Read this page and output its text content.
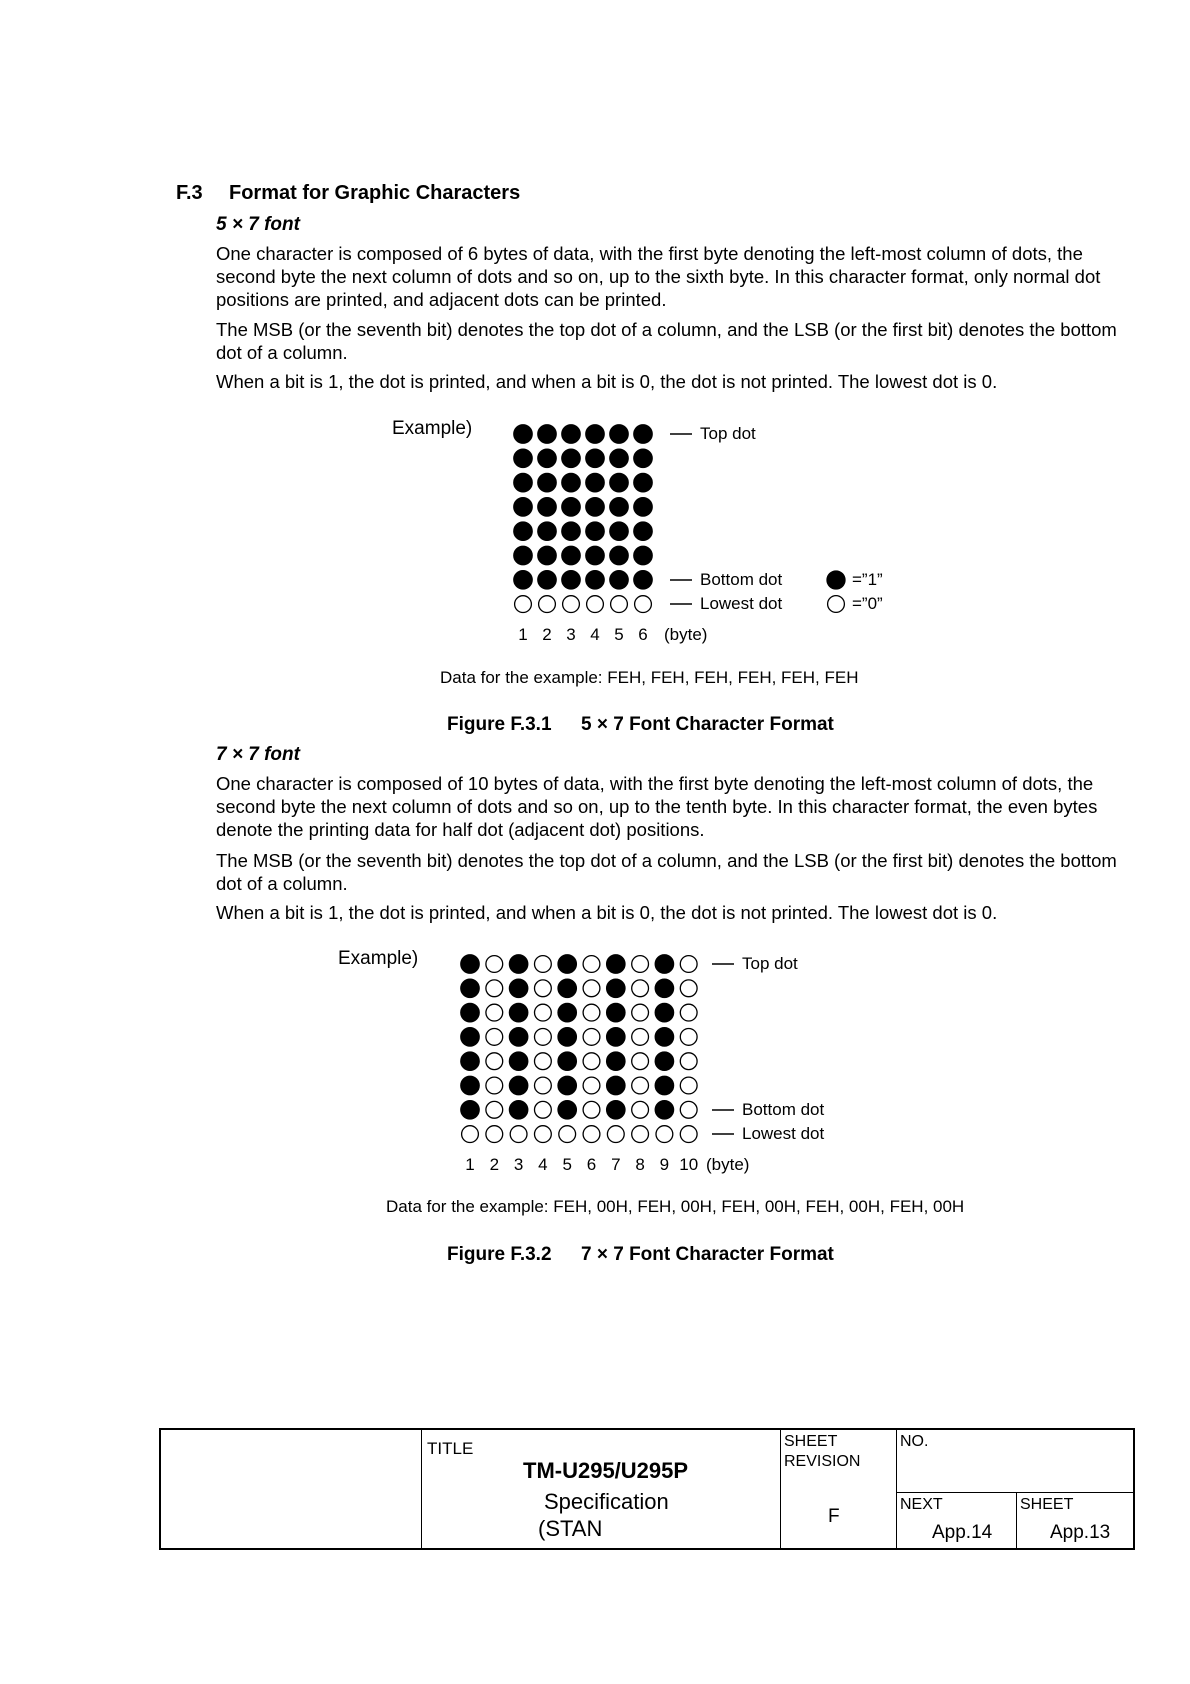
F.3 Format for Graphic Characters
5 × 7 font

One character is composed of 6 bytes of data, with the first byte denoting the left-most column of dots, the second byte the next column of dots and so on, up to the sixth byte. In this character format, only normal dot positions are printed, and adjacent dots can be printed.

The MSB (or the seventh bit) denotes the top dot of a column, and the LSB (or the first bit) denotes the bottom dot of a column.

When a bit is 1, the dot is printed, and when a bit is 0, the dot is not printed. The lowest dot is 0.

Example)	Top dot
Bottom dot
Lowest dot
=”1”
=”0”
1 2 3 4 5 6 (byte)
Data for the example: FEH, FEH, FEH, FEH, FEH, FEH
Figure F.3.1 5 × 7 Font Character Format
7 × 7 font

One character is composed of 10 bytes of data, with the first byte denoting the left-most column of dots, the second byte the next column of dots and so on, up to the tenth byte. In this character format, the even bytes denote the printing data for half dot (adjacent dot) positions.

The MSB (or the seventh bit) denotes the top dot of a column, and the LSB (or the first bit) denotes the bottom dot of a column.

When a bit is 1, the dot is printed, and when a bit is 0, the dot is not printed. The lowest dot is 0.

Example)	Top dot
Bottom dot
Lowest dot
1 2 3 4 5 6 7 8 9 10 (byte)
Data for the example: FEH, 00H, FEH, 00H, FEH, 00H, FEH, 00H, FEH, 00H
Figure F.3.2 7 × 7 Font Character Format
TITLE
TM-U295/U295P
Specification
(STAN
SHEET
REVISION
F
NO.
NEXT
App.14
SHEET
App.13
